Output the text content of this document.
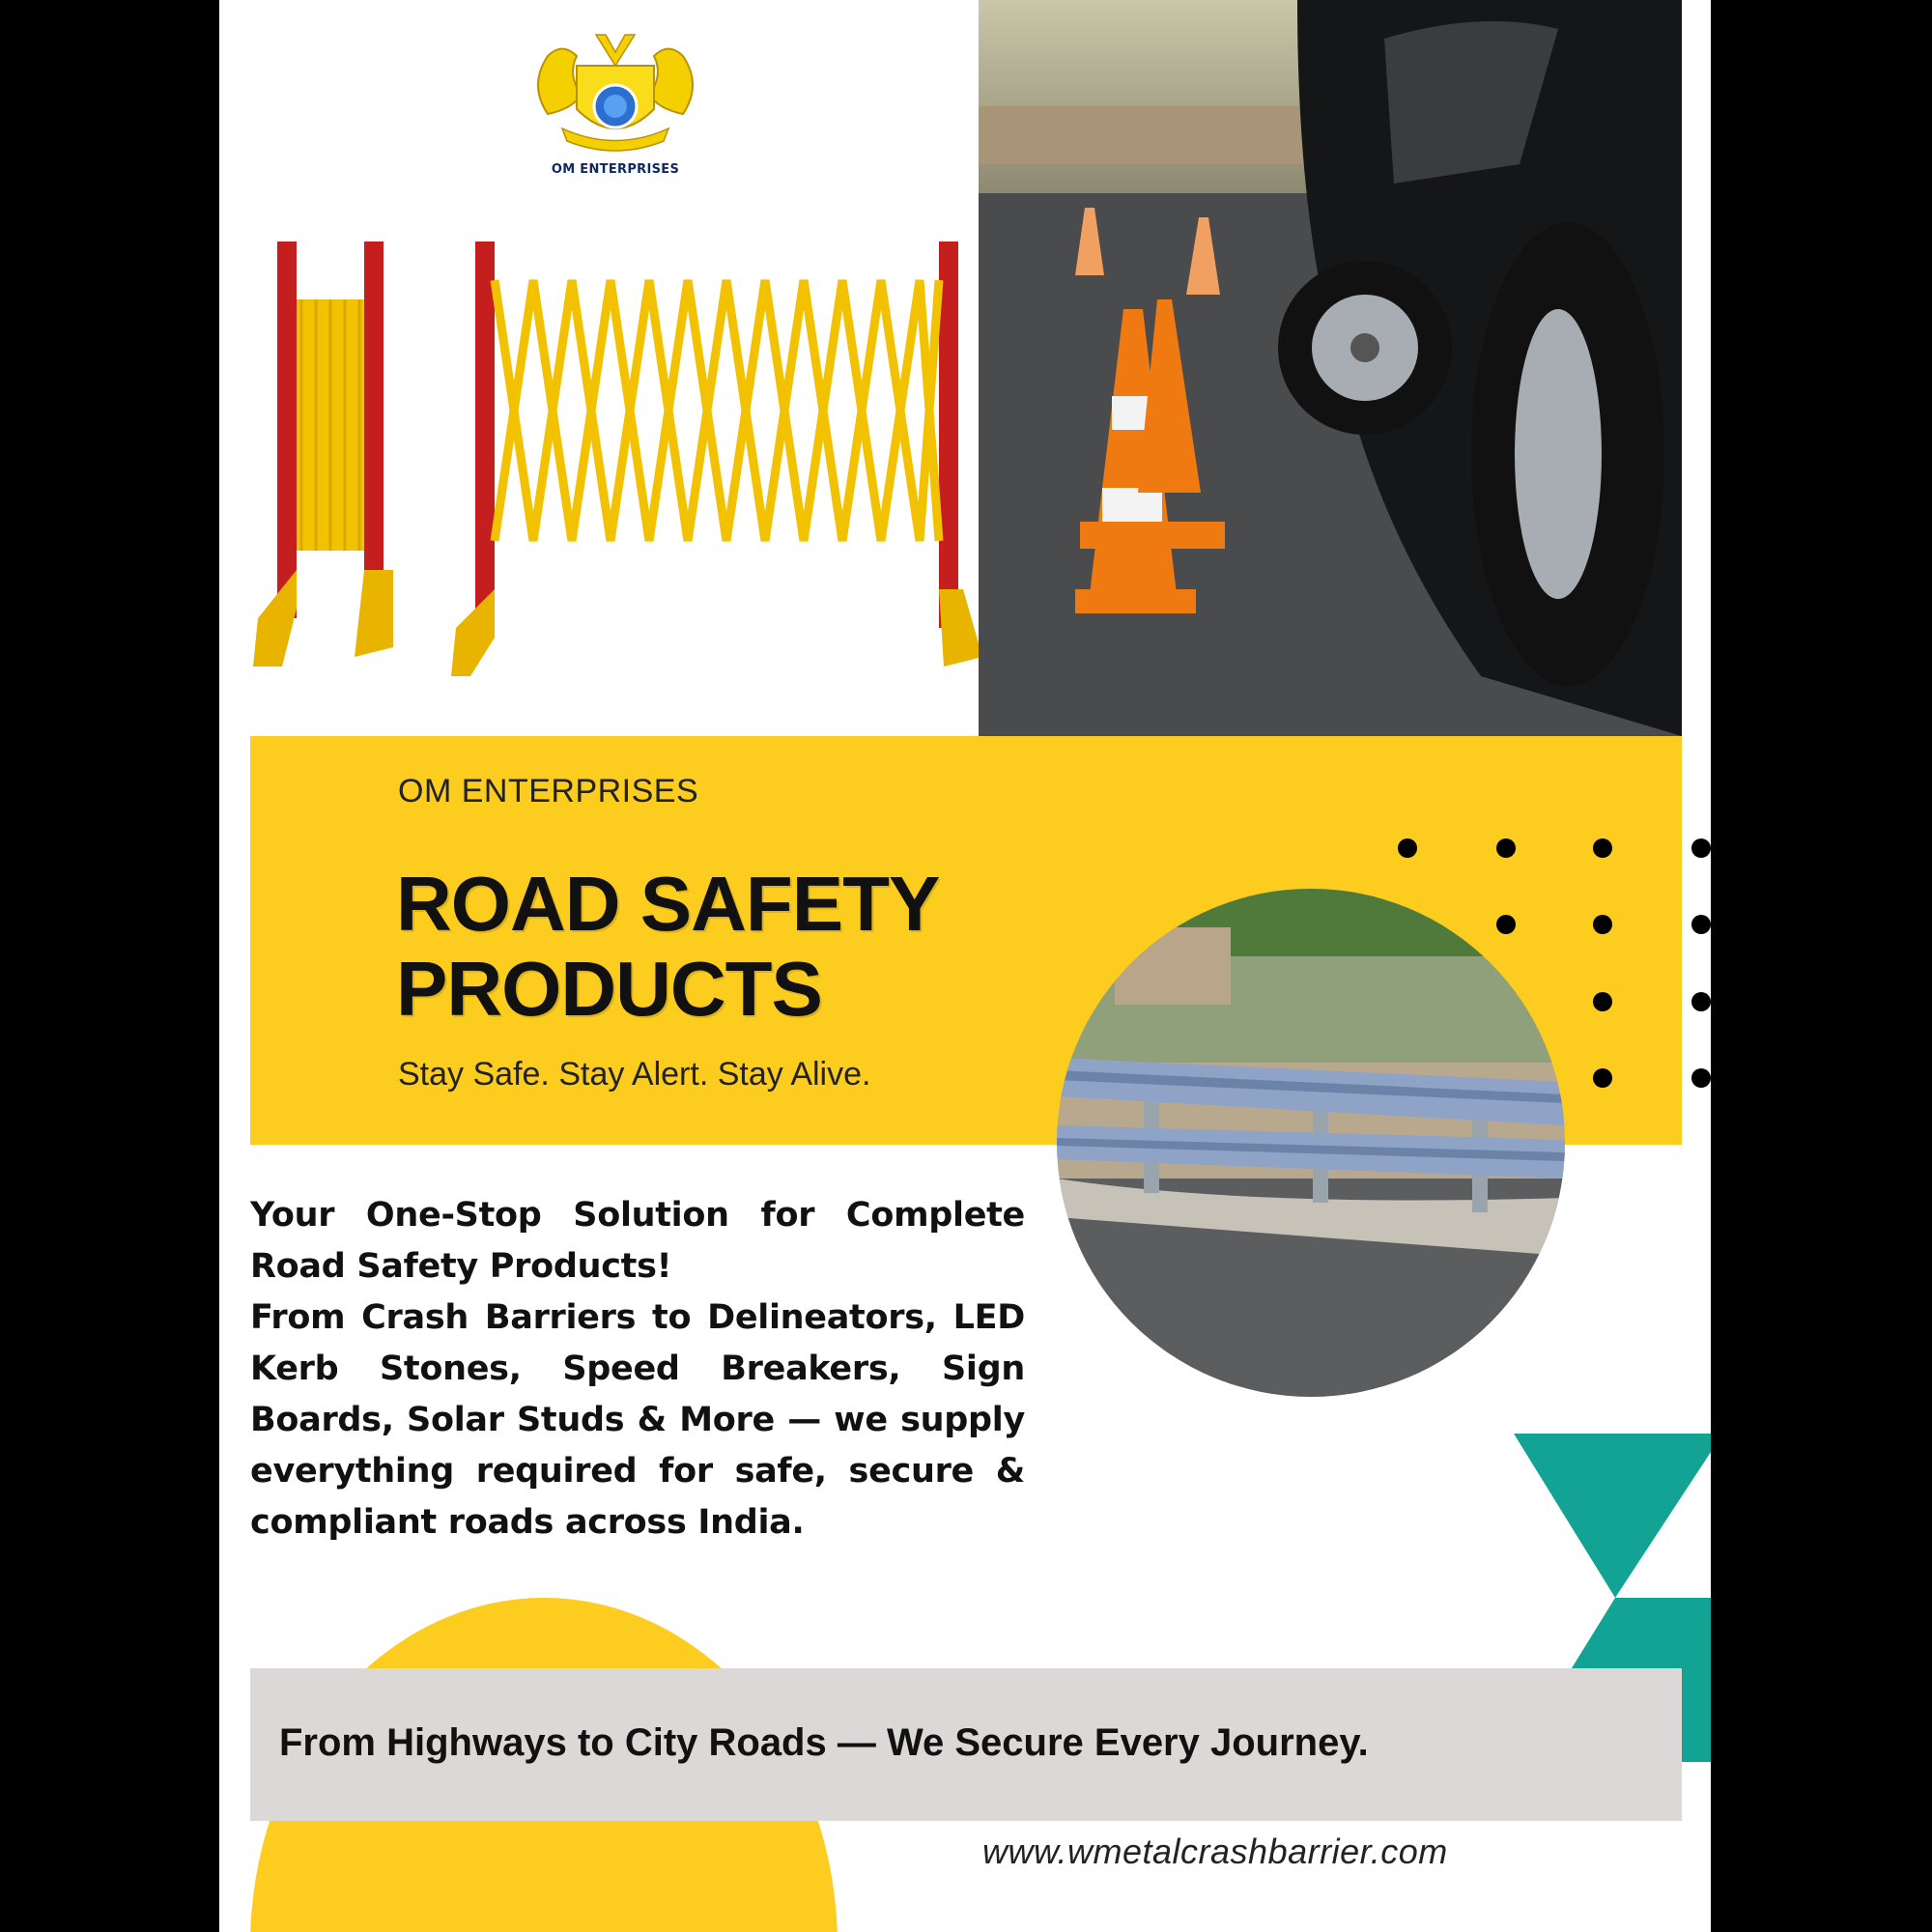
OM ENTERPRISES
OM ENTERPRISES
ROAD SAFETY
PRODUCTS
Stay Safe. Stay Alert. Stay Alive.

Your One-Stop Solution for Complete Road Safety Products!

From Crash Barriers to Delineators, LED Kerb Stones, Speed Breakers, Sign Boards, Solar Studs & More — we supply everything required for safe, secure & compliant roads across India.

From Highways to City Roads — We Secure Every Journey.
www.wmetalcrashbarrier.com
